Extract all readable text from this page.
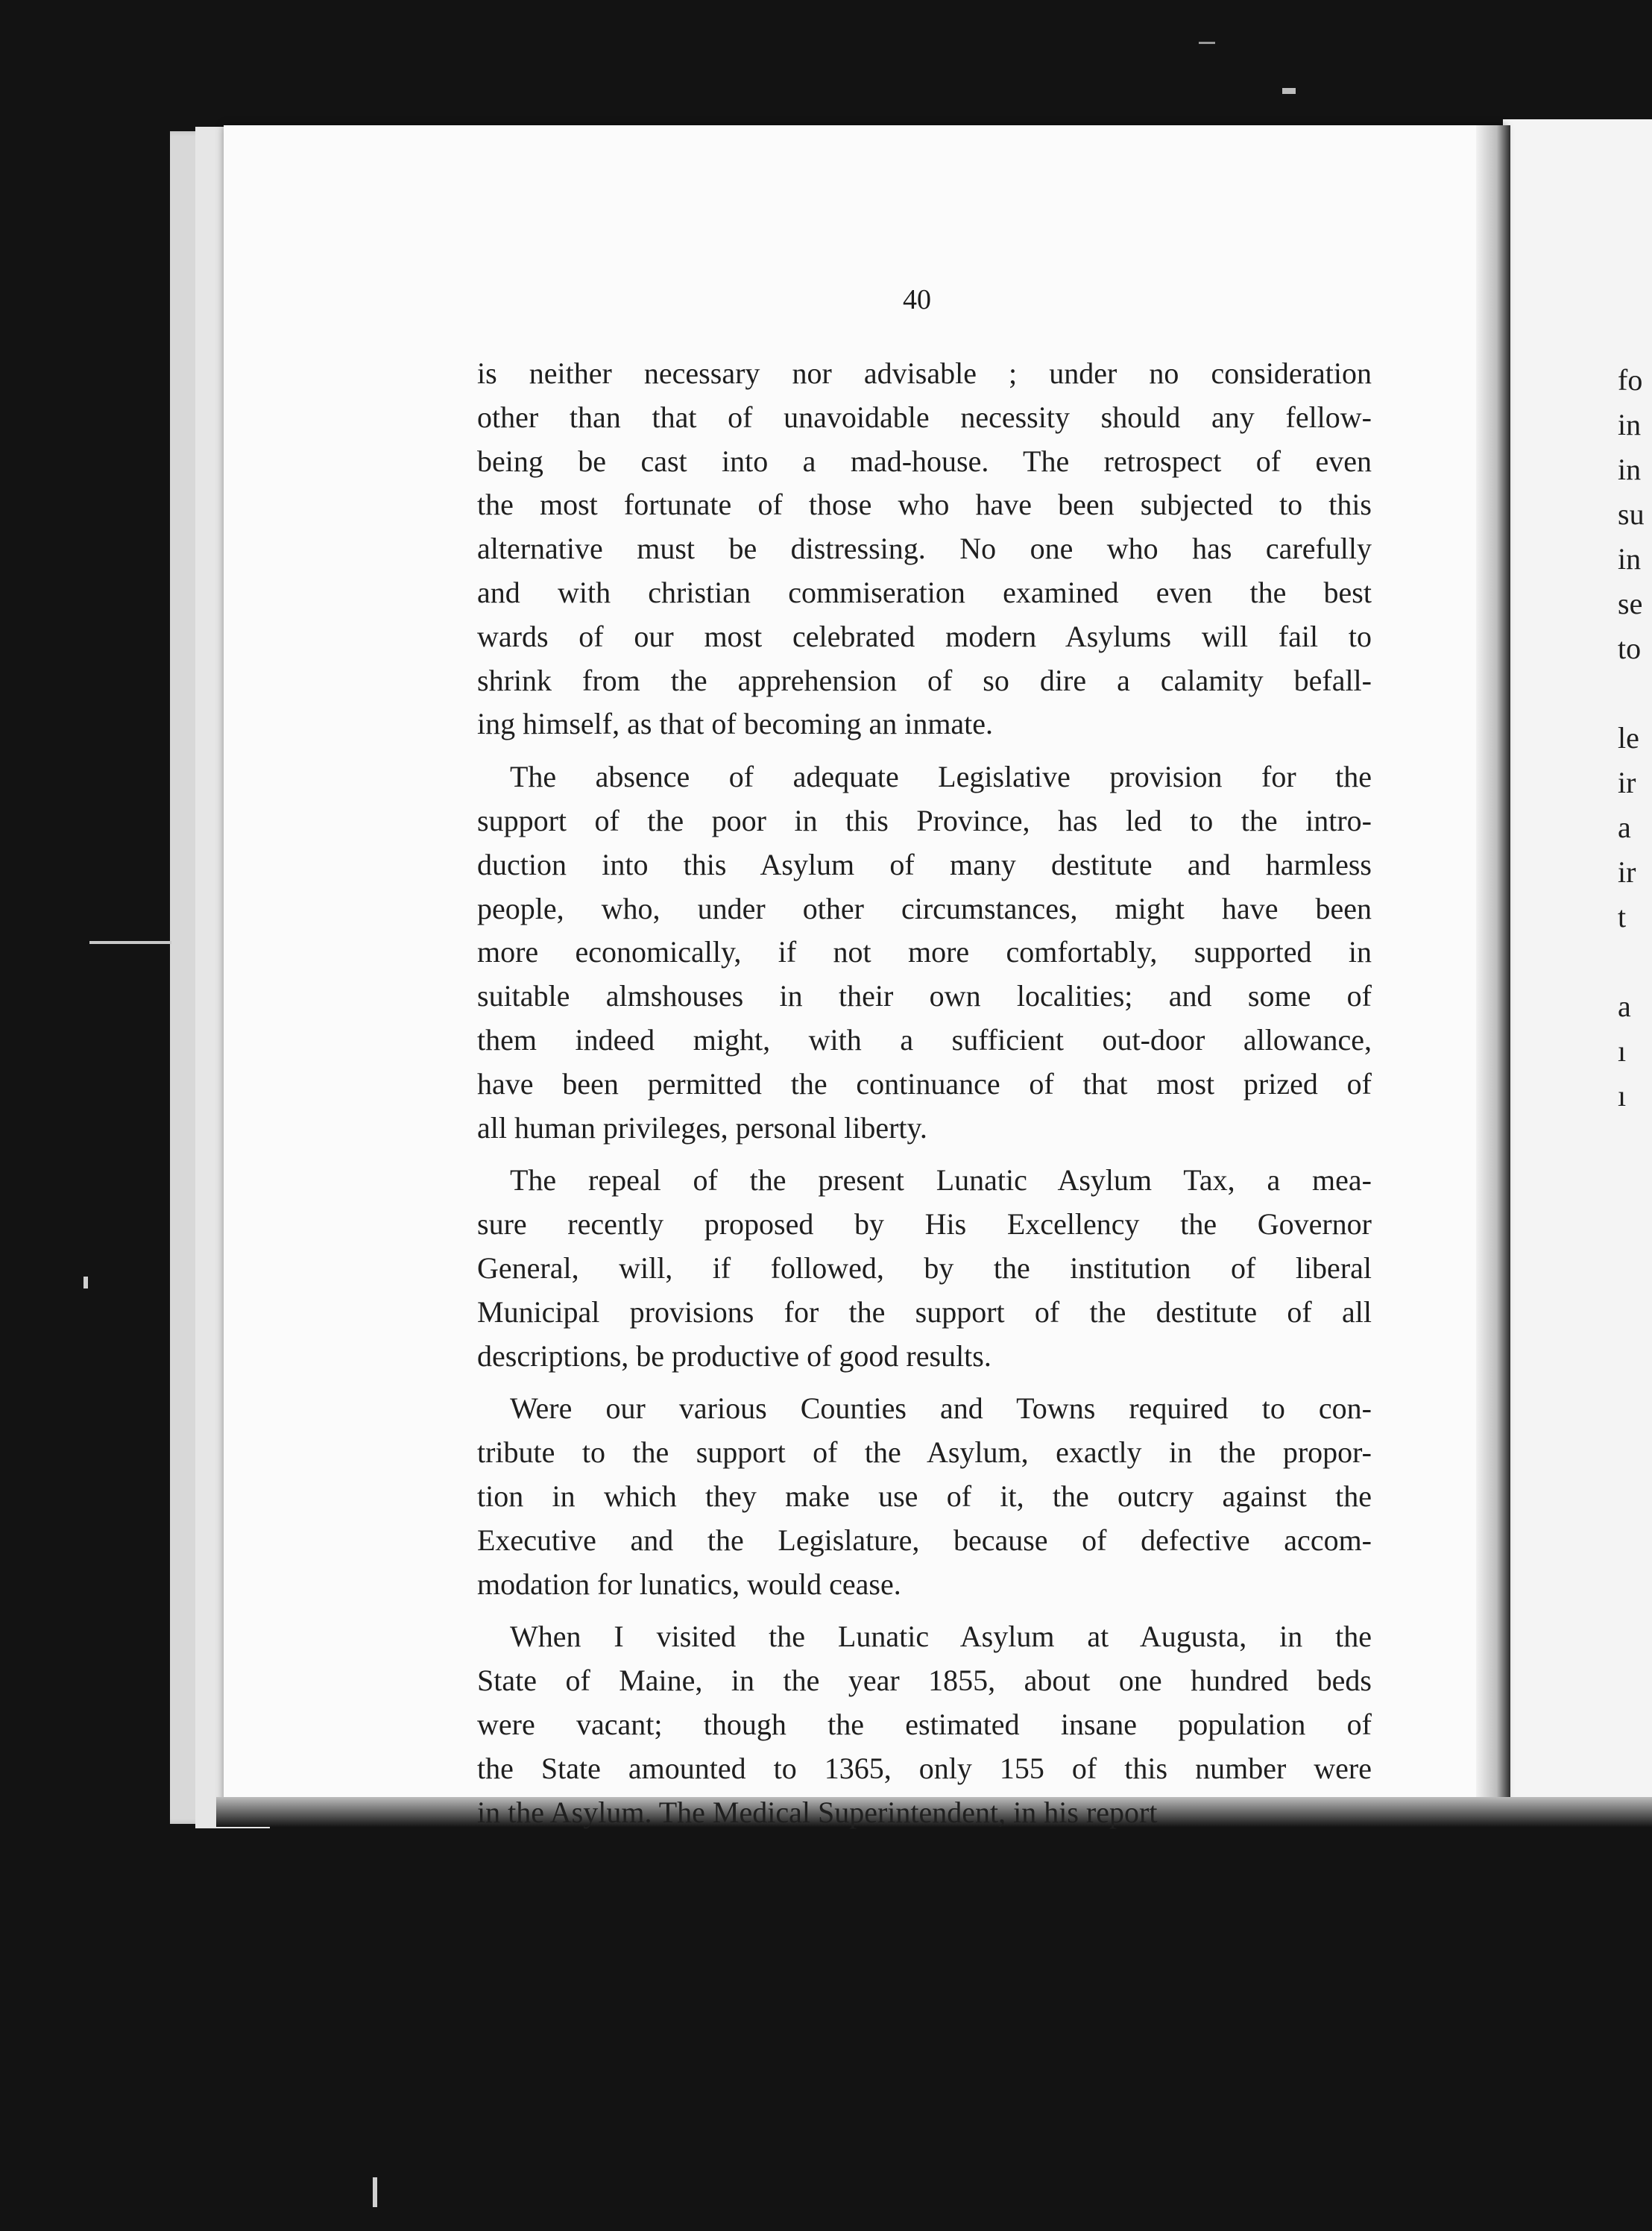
40
is neither necessary nor advisable ; under no consideration
other than that of unavoidable necessity should any fellow-
being be cast into a mad-house. The retrospect of even
the most fortunate of those who have been subjected to this
alternative must be distressing. No one who has carefully
and with christian commiseration examined even the best
wards of our most celebrated modern Asylums will fail to
shrink from the apprehension of so dire a calamity befall-
ing himself, as that of becoming an inmate.
The absence of adequate Legislative provision for the
support of the poor in this Province, has led to the intro-
duction into this Asylum of many destitute and harmless
people, who, under other circumstances, might have been
more economically, if not more comfortably, supported in
suitable almshouses in their own localities; and some of
them indeed might, with a sufficient out-door allowance,
have been permitted the continuance of that most prized of
all human privileges, personal liberty.
The repeal of the present Lunatic Asylum Tax, a mea-
sure recently proposed by His Excellency the Governor
General, will, if followed, by the institution of liberal
Municipal provisions for the support of the destitute of all
descriptions, be productive of good results.
Were our various Counties and Towns required to con-
tribute to the support of the Asylum, exactly in the propor-
tion in which they make use of it, the outcry against the
Executive and the Legislature, because of defective accom-
modation for lunatics, would cease.
When I visited the Lunatic Asylum at Augusta, in the
State of Maine, in the year 1855, about one hundred beds
were vacant; though the estimated insane population of
the State amounted to 1365, only 155 of this number were
in the Asylum. The Medical Superintendent, in his report
fo
in
in
su
in
se
to
le
ir
a
ir
t
a
ı
ı
